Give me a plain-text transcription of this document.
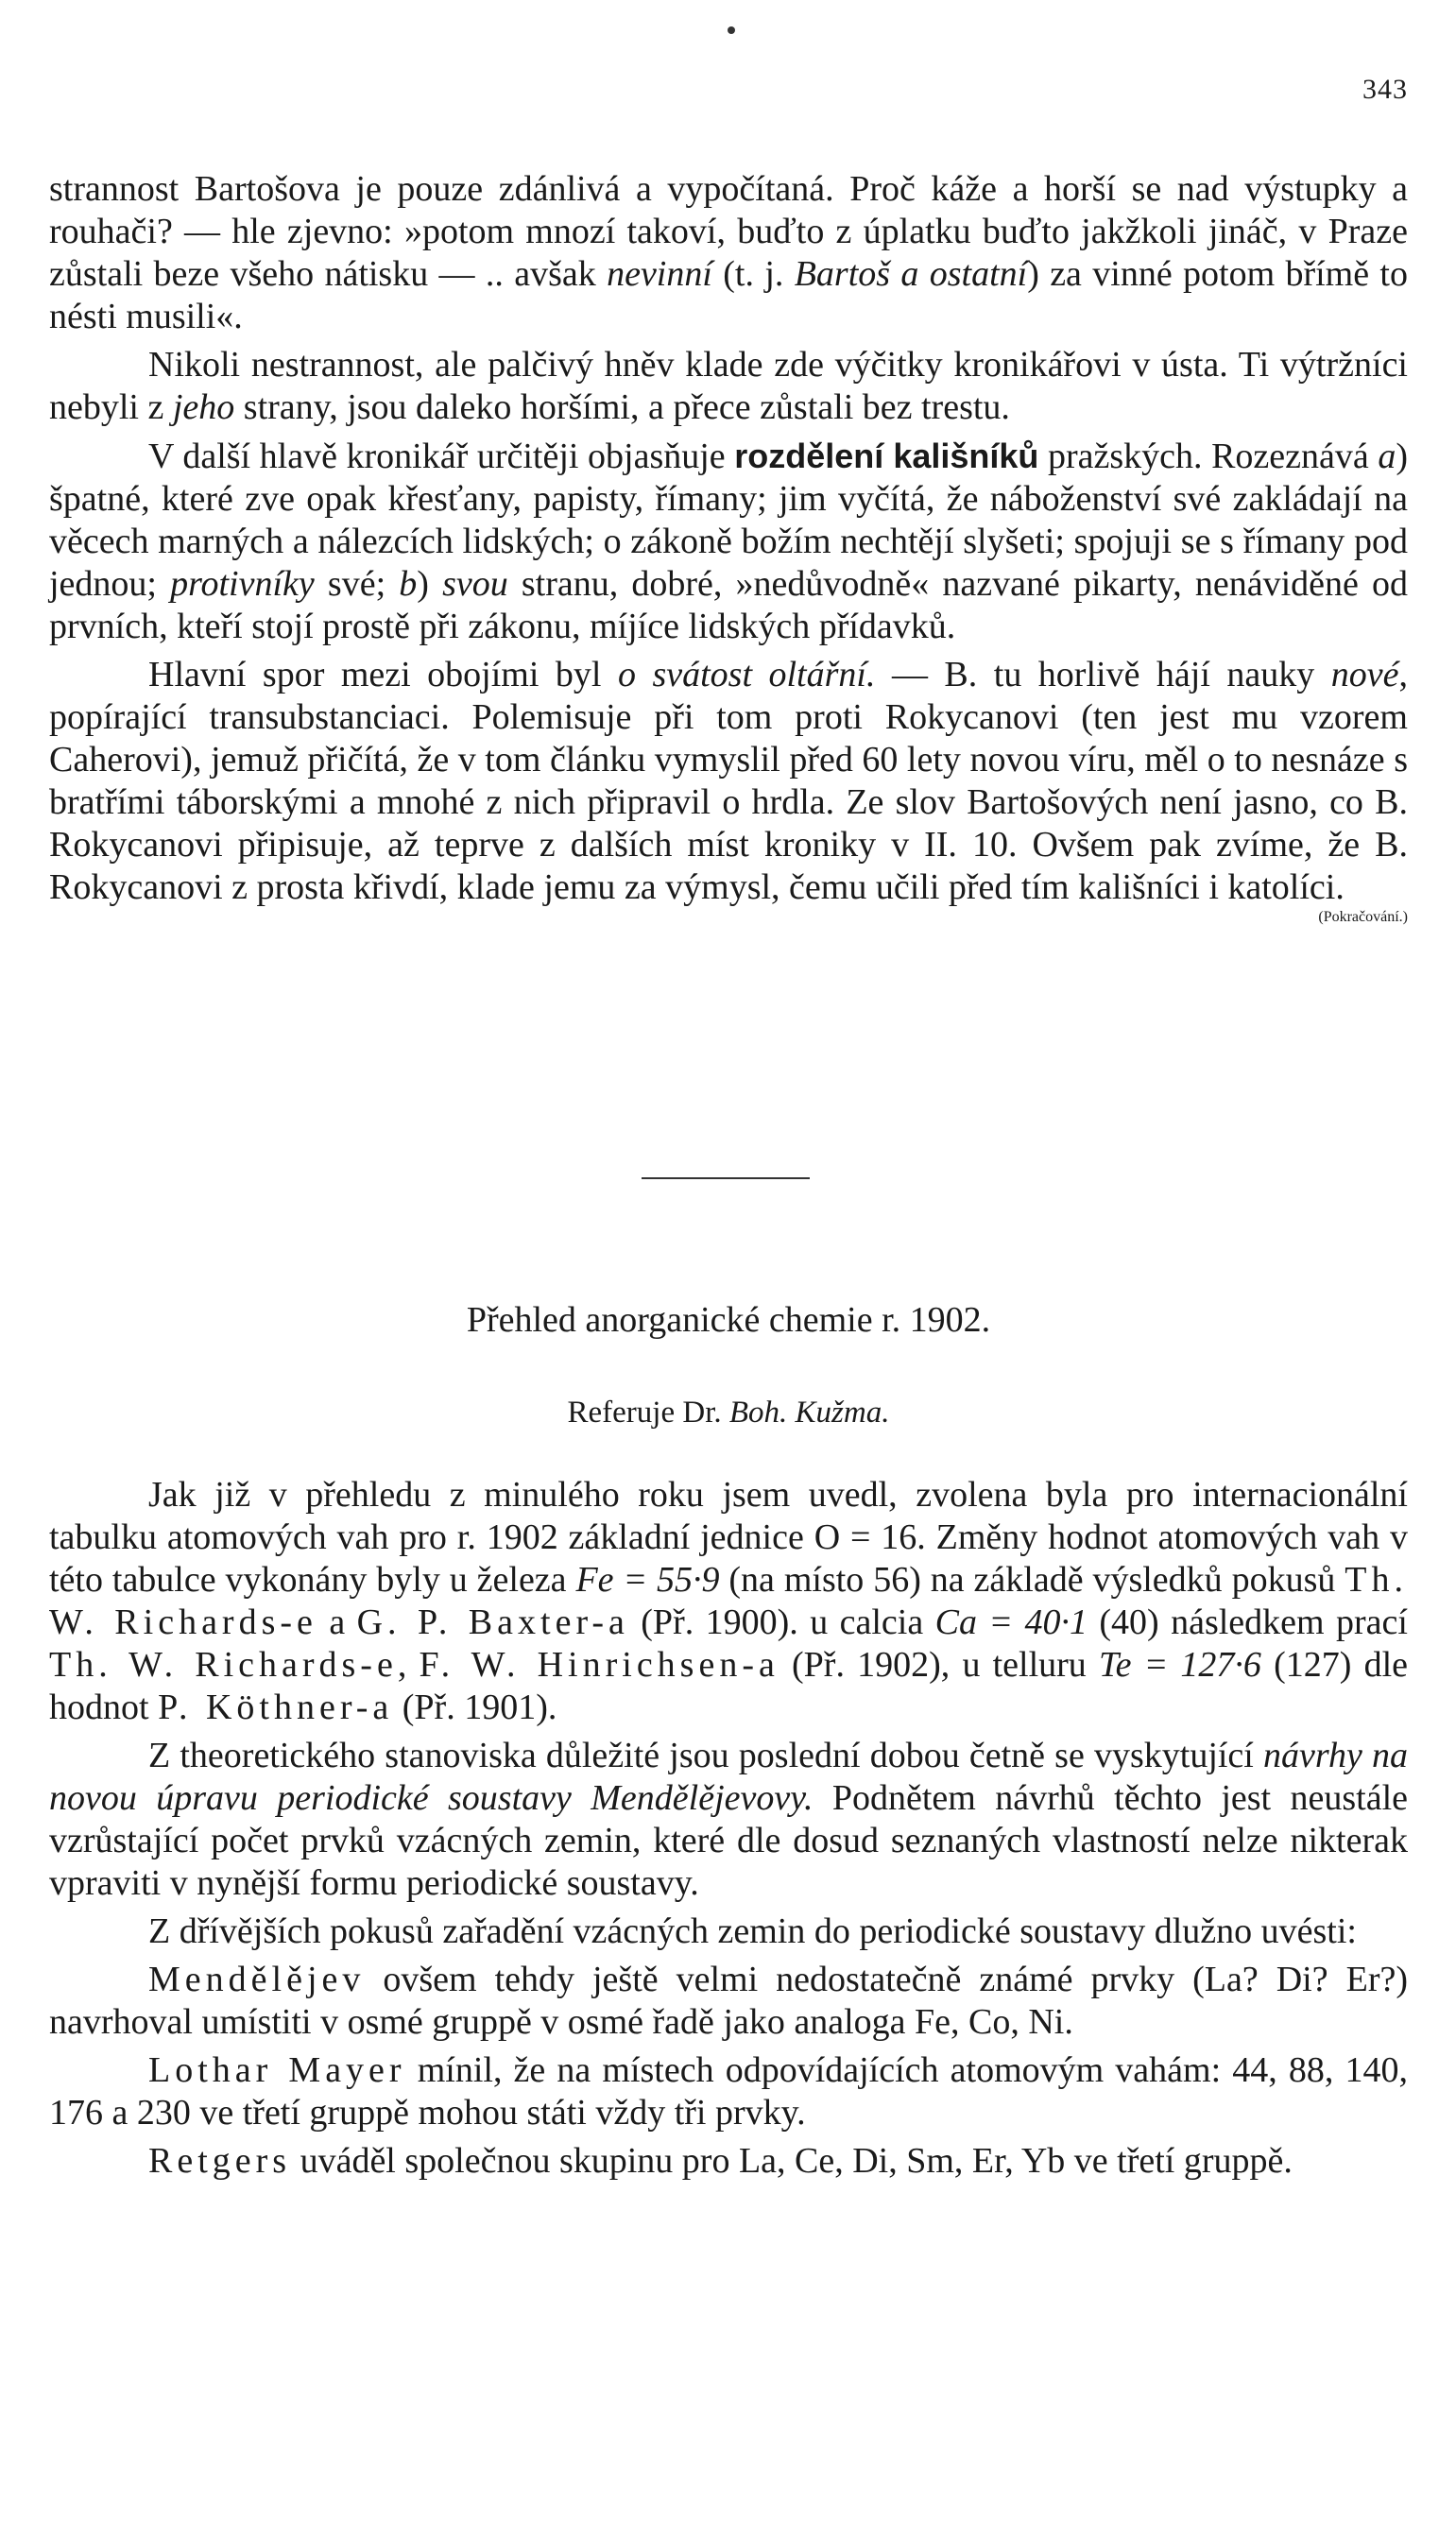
343

strannost Bartošova je pouze zdánlivá a vypočítaná. Proč káže a horší se nad výstupky a rouhači? — hle zjevno: »potom mnozí takoví, buďto z úplatku buďto jakžkoli jináč, v Praze zůstali beze všeho nátisku — .. avšak nevinní (t. j. Bartoš a ostatní) za vinné potom břímě to nésti musili«.

Nikoli nestrannost, ale palčivý hněv klade zde výčitky kronikářovi v ústa. Ti výtržníci nebyli z jeho strany, jsou daleko horšími, a přece zůstali bez trestu.

V další hlavě kronikář určitěji objasňuje rozdělení kališníků pražských. Rozeznává a) špatné, které zve opak křesťany, papisty, římany; jim vyčítá, že náboženství své zakládají na věcech marných a nálezcích lidských; o zákoně božím nechtějí slyšeti; spojuji se s římany pod jednou; protivníky své; b) svou stranu, dobré, »nedůvodně« nazvané pikarty, nenáviděné od prvních, kteří stojí prostě při zákonu, míjíce lidských přídavků.

Hlavní spor mezi obojími byl o svátost oltářní. — B. tu horlivě hájí nauky nové, popírající transubstanciaci. Polemisuje při tom proti Rokycanovi (ten jest mu vzorem Caherovi), jemuž přičítá, že v tom článku vymyslil před 60 lety novou víru, měl o to nesnáze s bratřími táborskými a mnohé z nich připravil o hrdla. Ze slov Bartošových není jasno, co B. Rokycanovi připisuje, až teprve z dalších míst kroniky v II. 10. Ovšem pak zvíme, že B. Rokycanovi z prosta křivdí, klade jemu za výmysl, čemu učili před tím kališníci i katolíci.

(Pokračování.)
Přehled anorganické chemie r. 1902.
Referuje Dr. Boh. Kužma.

Jak již v přehledu z minulého roku jsem uvedl, zvolena byla pro internacionální tabulku atomových vah pro r. 1902 základní jednice O = 16. Změny hodnot atomových vah v této tabulce vykonány byly u železa Fe = 55·9 (na místo 56) na základě výsledků pokusů Th. W. Richards-e a G. P. Baxter-a (Př. 1900). u calcia Ca = 40·1 (40) následkem prací Th. W. Richards-e, F. W. Hinrichsen-a (Př. 1902), u telluru Te = 127·6 (127) dle hodnot P. Köthner-a (Př. 1901).

Z theoretického stanoviska důležité jsou poslední dobou četně se vyskytující návrhy na novou úpravu periodické soustavy Mendělějevovy. Podnětem návrhů těchto jest neustále vzrůstající počet prvků vzácných zemin, které dle dosud seznaných vlastností nelze nikterak vpraviti v nynější formu periodické soustavy.

Z dřívějších pokusů zařadění vzácných zemin do periodické soustavy dlužno uvésti:

Mendělějev ovšem tehdy ještě velmi nedostatečně známé prvky (La? Di? Er?) navrhoval umístiti v osmé gruppě v osmé řadě jako analoga Fe, Co, Ni.

Lothar Mayer mínil, že na místech odpovídajících atomovým vahám: 44, 88, 140, 176 a 230 ve třetí gruppě mohou státi vždy tři prvky.

Retgers uváděl společnou skupinu pro La, Ce, Di, Sm, Er, Yb ve třetí gruppě.
